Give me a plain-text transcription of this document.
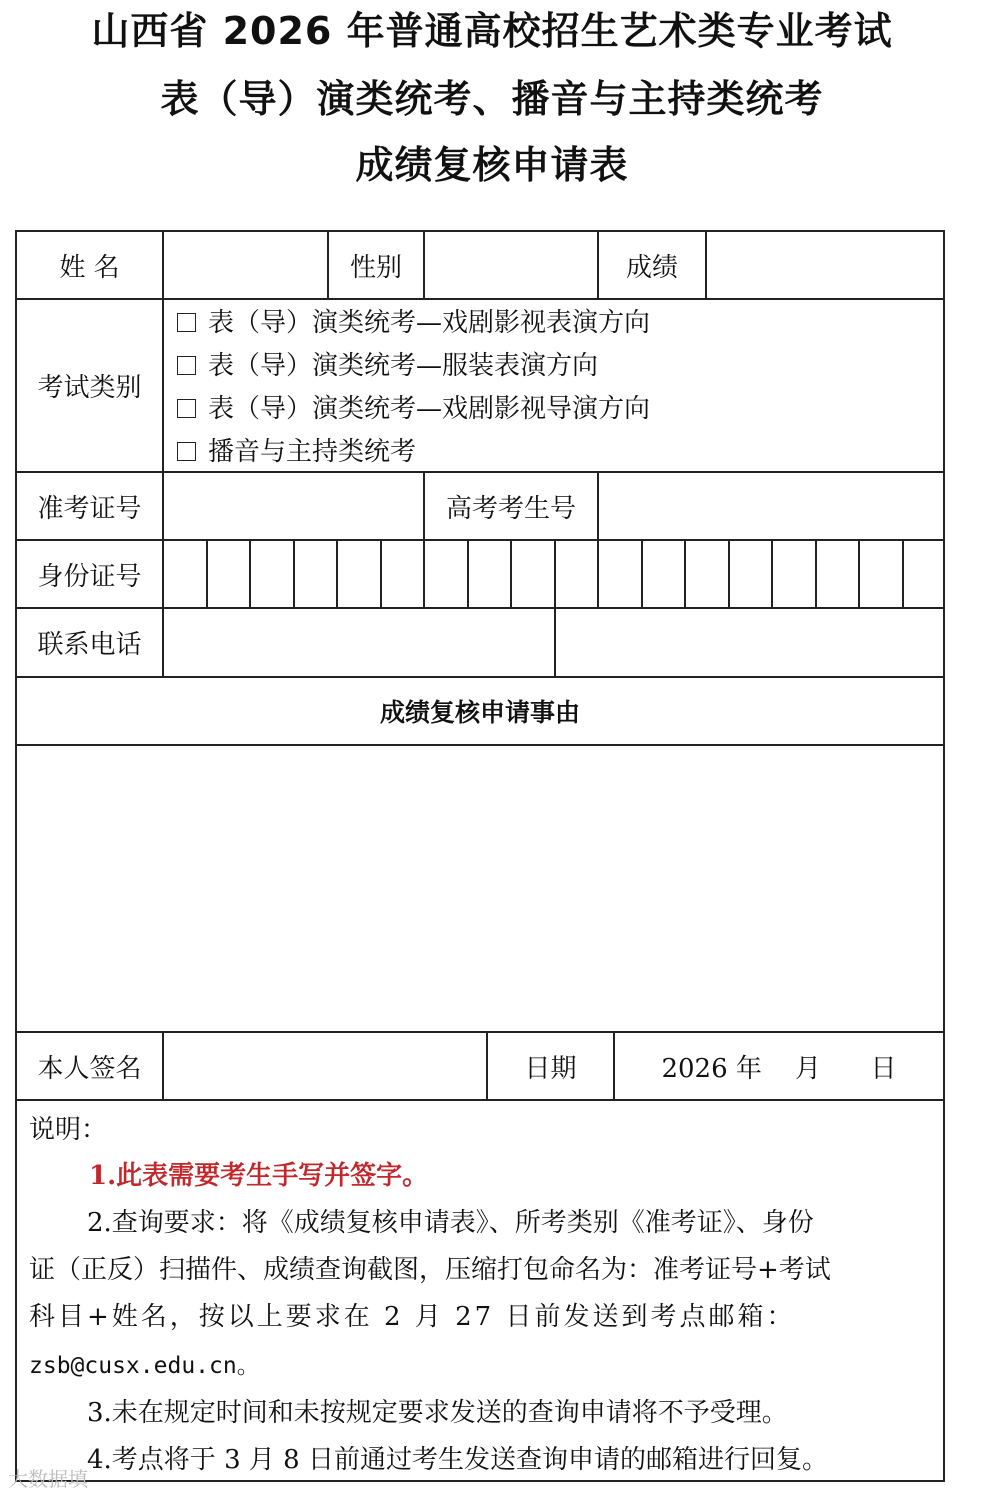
山西省 2026 年普通高校招生艺术类专业考试
表（导）演类统考、播音与主持类统考
成绩复核申请表
姓 名	性别	成绩
考试类别
表（导）演类统考—戏剧影视表演方向
表（导）演类统考—服装表演方向
表（导）演类统考—戏剧影视导演方向
播音与主持类统考
准考证号	高考考生号
身份证号
联系电话
成绩复核申请事由
本人签名	日期	2026 年    月      日
说明：
1.此表需要考生手写并签字。
2.查询要求：将《成绩复核申请表》、所考类别《准考证》、身份
证（正反）扫描件、成绩查询截图，压缩打包命名为：准考证号+考试
科目+姓名，按以上要求在 2 月 27 日前发送到考点邮箱：
zsb@cusx.edu.cn。
3.未在规定时间和未按规定要求发送的查询申请将不予受理。
4.考点将于 3 月 8 日前通过考生发送查询申请的邮箱进行回复。
大数据填
